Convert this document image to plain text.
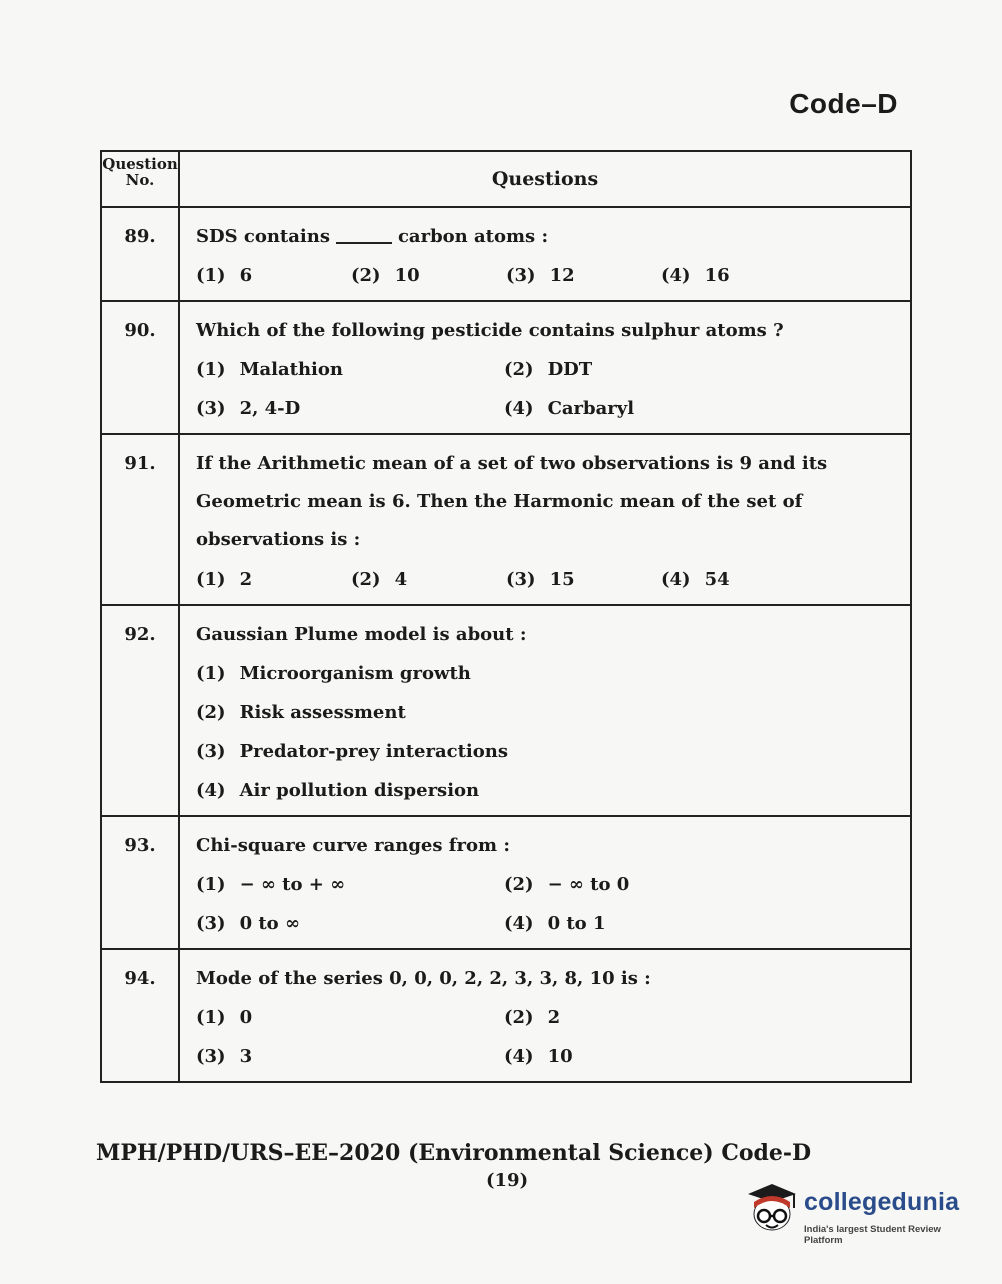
Code–D
Question No.	Questions
89.	SDS contains carbon atoms :
(1) 6 (2) 10 (3) 12 (4) 16

90.	Which of the following pesticide contains sulphur atoms ?
(1) Malathion (2) DDT
(3) 2, 4-D (4) Carbaryl

91.	If the Arithmetic mean of a set of two observations is 9 and its Geometric mean is 6. Then the Harmonic mean of the set of observations is :
(1) 2 (2) 4 (3) 15 (4) 54

92.	Gaussian Plume model is about :
(1) Microorganism growth
(2) Risk assessment
(3) Predator-prey interactions
(4) Air pollution dispersion

93.	Chi-square curve ranges from :
(1) − ∞ to + ∞ (2) − ∞ to 0
(3) 0 to ∞ (4) 0 to 1

94.	Mode of the series 0, 0, 0, 2, 2, 3, 3, 8, 10 is :
(1) 0 (2) 2
(3) 3 (4) 10
MPH/PHD/URS–EE–2020 (Environmental Science) Code-D
(19)
collegedunia
India's largest Student Review Platform
